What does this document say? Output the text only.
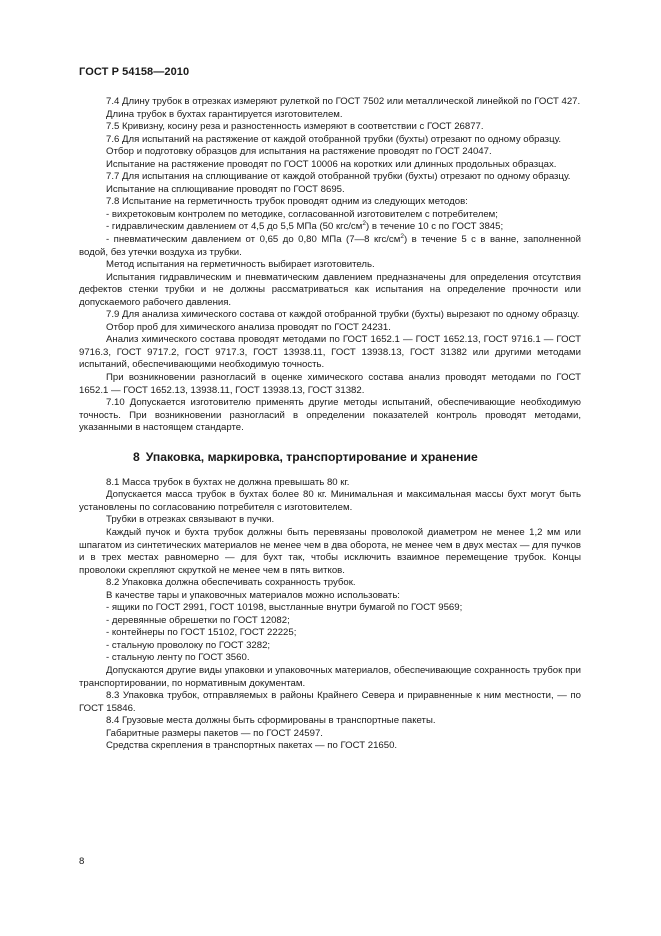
ГОСТ Р 54158—2010

7.4 Длину трубок в отрезках измеряют рулеткой по ГОСТ 7502 или металлической линейкой по ГОСТ 427.

Длина трубок в бухтах гарантируется изготовителем.

7.5 Кривизну, косину реза и разностенность измеряют в соответствии с ГОСТ 26877.

7.6 Для испытаний на растяжение от каждой отобранной трубки (бухты) отрезают по одному образцу.

Отбор и подготовку образцов для испытания на растяжение проводят по ГОСТ 24047.

Испытание на растяжение проводят по ГОСТ 10006 на коротких или длинных продольных образцах.

7.7 Для испытания на сплющивание от каждой отобранной трубки (бухты) отрезают по одному образцу.

Испытание на сплющивание проводят по ГОСТ 8695.

7.8 Испытание на герметичность трубок проводят одним из следующих методов:

- вихретоковым контролем по методике, согласованной изготовителем с потребителем;

- гидравлическим давлением от 4,5 до 5,5 МПа (50 кгс/$см^2$) в течение 10 с по ГОСТ 3845;

- пневматическим давлением от 0,65 до 0,80 МПа (7—8 кгс/$см^2$) в течение 5 с в ванне, заполненной водой, без утечки воздуха из трубки.

Метод испытания на герметичность выбирает изготовитель.

Испытания гидравлическим и пневматическим давлением предназначены для определения отсутствия дефектов стенки трубки и не должны рассматриваться как испытания на определение прочности или допускаемого рабочего давления.

7.9 Для анализа химического состава от каждой отобранной трубки (бухты) вырезают по одному образцу.

Отбор проб для химического анализа проводят по ГОСТ 24231.

Анализ химического состава проводят методами по ГОСТ 1652.1 — ГОСТ 1652.13, ГОСТ 9716.1 — ГОСТ 9716.3, ГОСТ 9717.2, ГОСТ 9717.3, ГОСТ 13938.11, ГОСТ 13938.13, ГОСТ 31382 или другими методами испытаний, обеспечивающими необходимую точность.

При возникновении разногласий в оценке химического состава анализ проводят методами по ГОСТ 1652.1 — ГОСТ 1652.13, 13938.11, ГОСТ 13938.13, ГОСТ 31382.

7.10 Допускается изготовителю применять другие методы испытаний, обеспечивающие необходимую точность. При возникновении разногласий в определении показателей контроль проводят методами, указанными в настоящем стандарте.

8 Упаковка, маркировка, транспортирование и хранение

8.1 Масса трубок в бухтах не должна превышать 80 кг.

Допускается масса трубок в бухтах более 80 кг. Минимальная и максимальная массы бухт могут быть установлены по согласованию потребителя с изготовителем.

Трубки в отрезках связывают в пучки.

Каждый пучок и бухта трубок должны быть перевязаны проволокой диаметром не менее 1,2 мм или шпагатом из синтетических материалов не менее чем в два оборота, не менее чем в двух местах — для пучков и в трех местах равномерно — для бухт так, чтобы исключить взаимное перемещение трубок. Концы проволоки скрепляют скруткой не менее чем в пять витков.

8.2 Упаковка должна обеспечивать сохранность трубок.

В качестве тары и упаковочных материалов можно использовать:

- ящики по ГОСТ 2991, ГОСТ 10198, выстланные внутри бумагой по ГОСТ 9569;

- деревянные обрешетки по ГОСТ 12082;

- контейнеры по ГОСТ 15102, ГОСТ 22225;

- стальную проволоку по ГОСТ 3282;

- стальную ленту по ГОСТ 3560.

Допускаются другие виды упаковки и упаковочных материалов, обеспечивающие сохранность трубок при транспортировании, по нормативным документам.

8.3 Упаковка трубок, отправляемых в районы Крайнего Севера и приравненные к ним местности, — по ГОСТ 15846.

8.4 Грузовые места должны быть сформированы в транспортные пакеты.

Габаритные размеры пакетов — по ГОСТ 24597.

Средства скрепления в транспортных пакетах — по ГОСТ 21650.

8
